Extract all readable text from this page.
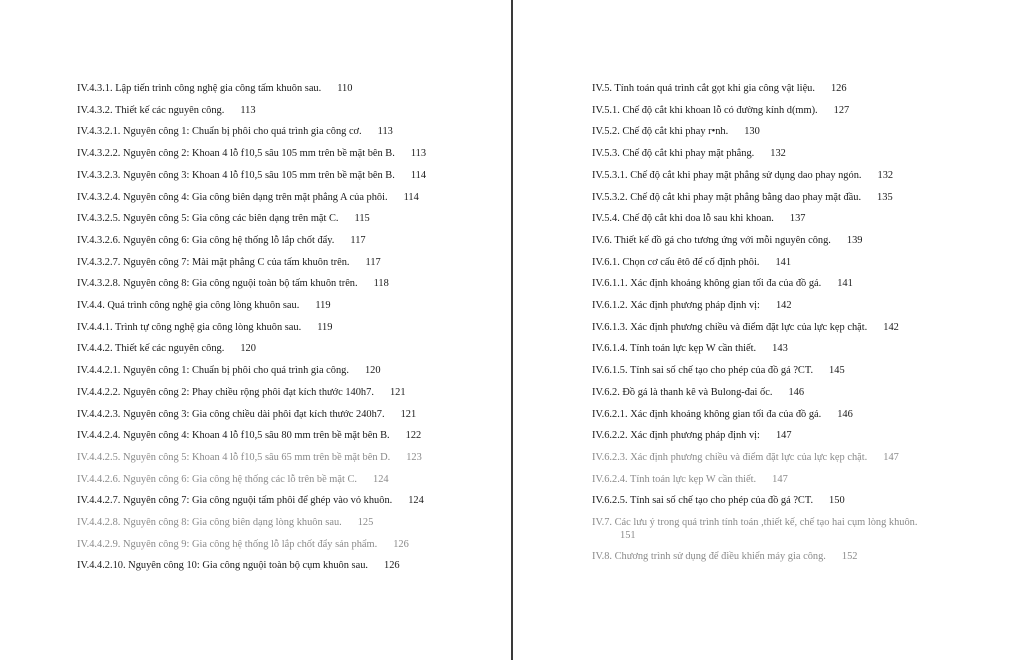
IV.4.3.1. Lập tiến trình công nghệ gia công tấm khuôn sau. 110
IV.4.3.2. Thiết kế các nguyên công. 113
IV.4.3.2.1. Nguyên công 1: Chuẩn bị phôi cho quá trình gia công cơ. 113
IV.4.3.2.2. Nguyên công 2: Khoan 4 lỗ f10,5 sâu 105 mm trên bề mặt bên B. 113
IV.4.3.2.3. Nguyên công 3: Khoan 4 lỗ f10,5 sâu 105 mm trên bề mặt bên B. 114
IV.4.3.2.4. Nguyên công 4: Gia công biên dạng trên mặt phẳng A của phôi. 114
IV.4.3.2.5. Nguyên công 5: Gia công các biên dạng trên mặt C. 115
IV.4.3.2.6. Nguyên công 6: Gia công hệ thống lỗ lắp chốt đẩy. 117
IV.4.3.2.7. Nguyên công 7: Mài mặt phẳng C của tấm khuôn trên. 117
IV.4.3.2.8. Nguyên công 8: Gia công nguội toàn bộ tấm khuôn trên. 118
IV.4.4. Quá trình công nghệ gia công lòng khuôn sau. 119
IV.4.4.1. Trình tự công nghệ gia công lòng khuôn sau. 119
IV.4.4.2. Thiết kế các nguyên công. 120
IV.4.4.2.1. Nguyên công 1: Chuẩn bị phôi cho quá trình gia công. 120
IV.4.4.2.2. Nguyên công 2: Phay chiều rộng phôi đạt kích thước 140h7. 121
IV.4.4.2.3. Nguyên công 3: Gia công chiều dài phôi đạt kích thước 240h7. 121
IV.4.4.2.4. Nguyên công 4: Khoan 4 lỗ f10,5 sâu 80 mm trên bề mặt bên B. 122
IV.4.4.2.5. Nguyên công 5: Khoan 4 lỗ f10,5 sâu 65 mm trên bề mặt bên D. 123
IV.4.4.2.6. Nguyên công 6: Gia công hệ thống các lỗ trên bề mặt C. 124
IV.4.4.2.7. Nguyên công 7: Gia công nguội tấm phôi để ghép vào vỏ khuôn. 124
IV.4.4.2.8. Nguyên công 8: Gia công biên dạng lòng khuôn sau. 125
IV.4.4.2.9. Nguyên công 9: Gia công hệ thống lỗ lắp chốt đẩy sản phẩm. 126
IV.4.4.2.10. Nguyên công 10: Gia công nguội toàn bộ cụm khuôn sau. 126
IV.5. Tính toán quá trình cắt gọt khi gia công vật liệu. 126
IV.5.1. Chế độ cắt khi khoan lỗ có đường kính d(mm). 127
IV.5.2. Chế độ cắt khi phay r•nh. 130
IV.5.3. Chế độ cắt khi phay mặt phẳng. 132
IV.5.3.1. Chế độ cắt khi phay mặt phẳng sử dụng dao phay ngón. 132
IV.5.3.2. Chế độ cắt khi phay mặt phẳng bằng dao phay mặt đầu. 135
IV.5.4. Chế độ cắt khi doa lỗ sau khi khoan. 137
IV.6. Thiết kế đồ gá cho tương ứng với mỗi nguyên công. 139
IV.6.1. Chọn cơ cấu êtô để cố định phôi. 141
IV.6.1.1. Xác định khoảng không gian tối đa của đồ gá. 141
IV.6.1.2. Xác định phương pháp định vị: 142
IV.6.1.3. Xác định phương chiều và điểm đặt lực của lực kẹp chặt. 142
IV.6.1.4. Tính toán lực kẹp W cần thiết. 143
IV.6.1.5. Tính sai số chế tạo cho phép của đồ gá ?CT. 145
IV.6.2. Đồ gá là thanh kê và Bulong-đai ốc. 146
IV.6.2.1. Xác định khoảng không gian tối đa của đồ gá. 146
IV.6.2.2. Xác định phương pháp định vị: 147
IV.6.2.3. Xác định phương chiều và điểm đặt lực của lực kẹp chặt. 147
IV.6.2.4. Tính toán lực kẹp W cần thiết. 147
IV.6.2.5. Tính sai số chế tạo cho phép của đồ gá ?CT. 150
IV.7. Các lưu ý trong quá trình tính toán ,thiết kế, chế tạo hai cụm lòng khuôn.
151
IV.8. Chương trình sử dụng để điều khiển máy gia công. 152
